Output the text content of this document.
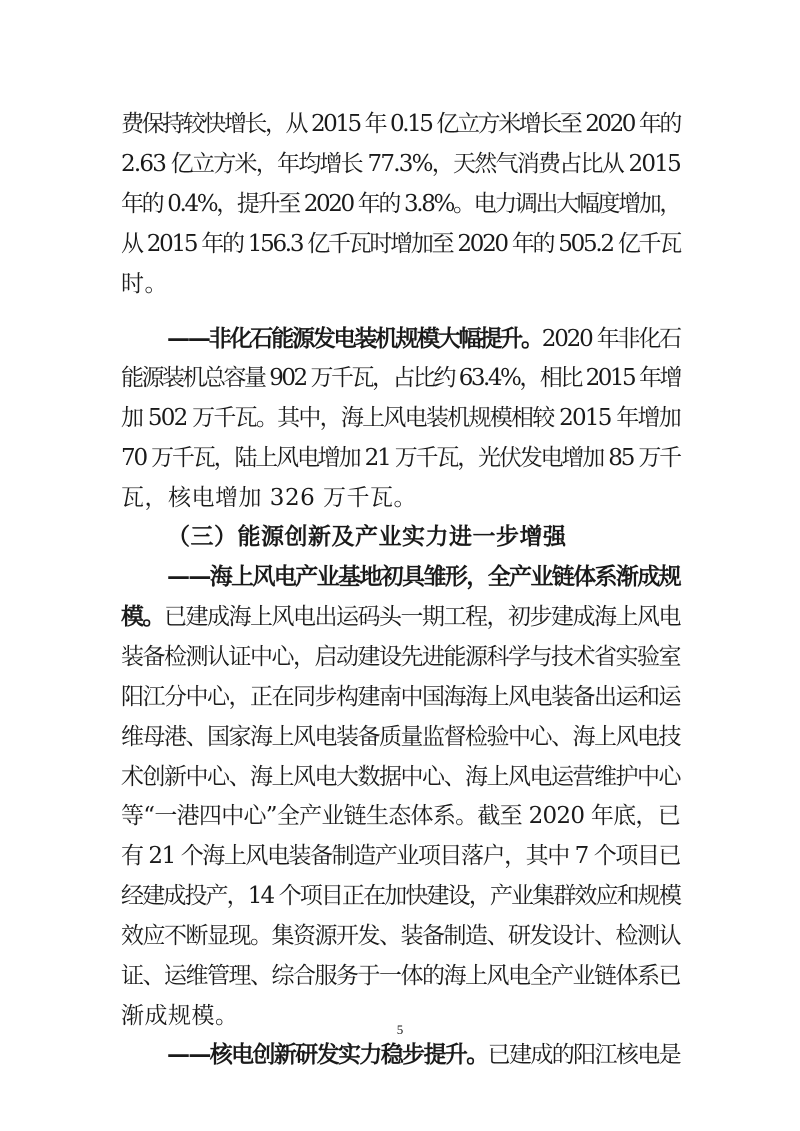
费保持较快增长，从 2015 年 0.15 亿立方米增长至 2020 年的
2.63 亿立方米，年均增长 77.3%，天然气消费占比从 2015
年的 0.4%，提升至 2020 年的 3.8%。电力调出大幅度增加，
从 2015 年的 156.3 亿千瓦时增加至 2020 年的 505.2 亿千瓦
时。
——非化石能源发电装机规模大幅提升。2020 年非化石
能源装机总容量 902 万千瓦，占比约 63.4%，相比 2015 年增
加 502 万千瓦。其中，海上风电装机规模相较 2015 年增加
70 万千瓦，陆上风电增加 21 万千瓦，光伏发电增加 85 万千
瓦，核电增加 326 万千瓦。
（三）能源创新及产业实力进一步增强
——海上风电产业基地初具雏形，全产业链体系渐成规
模。已建成海上风电出运码头一期工程，初步建成海上风电
装备检测认证中心，启动建设先进能源科学与技术省实验室
阳江分中心，正在同步构建南中国海海上风电装备出运和运
维母港、国家海上风电装备质量监督检验中心、海上风电技
术创新中心、海上风电大数据中心、海上风电运营维护中心
等“一港四中心”全产业链生态体系。截至 2020 年底，已
有 21 个海上风电装备制造产业项目落户，其中 7 个项目已
经建成投产，14 个项目正在加快建设，产业集群效应和规模
效应不断显现。集资源开发、装备制造、研发设计、检测认
证、运维管理、综合服务于一体的海上风电全产业链体系已
渐成规模。
——核电创新研发实力稳步提升。已建成的阳江核电是
5
